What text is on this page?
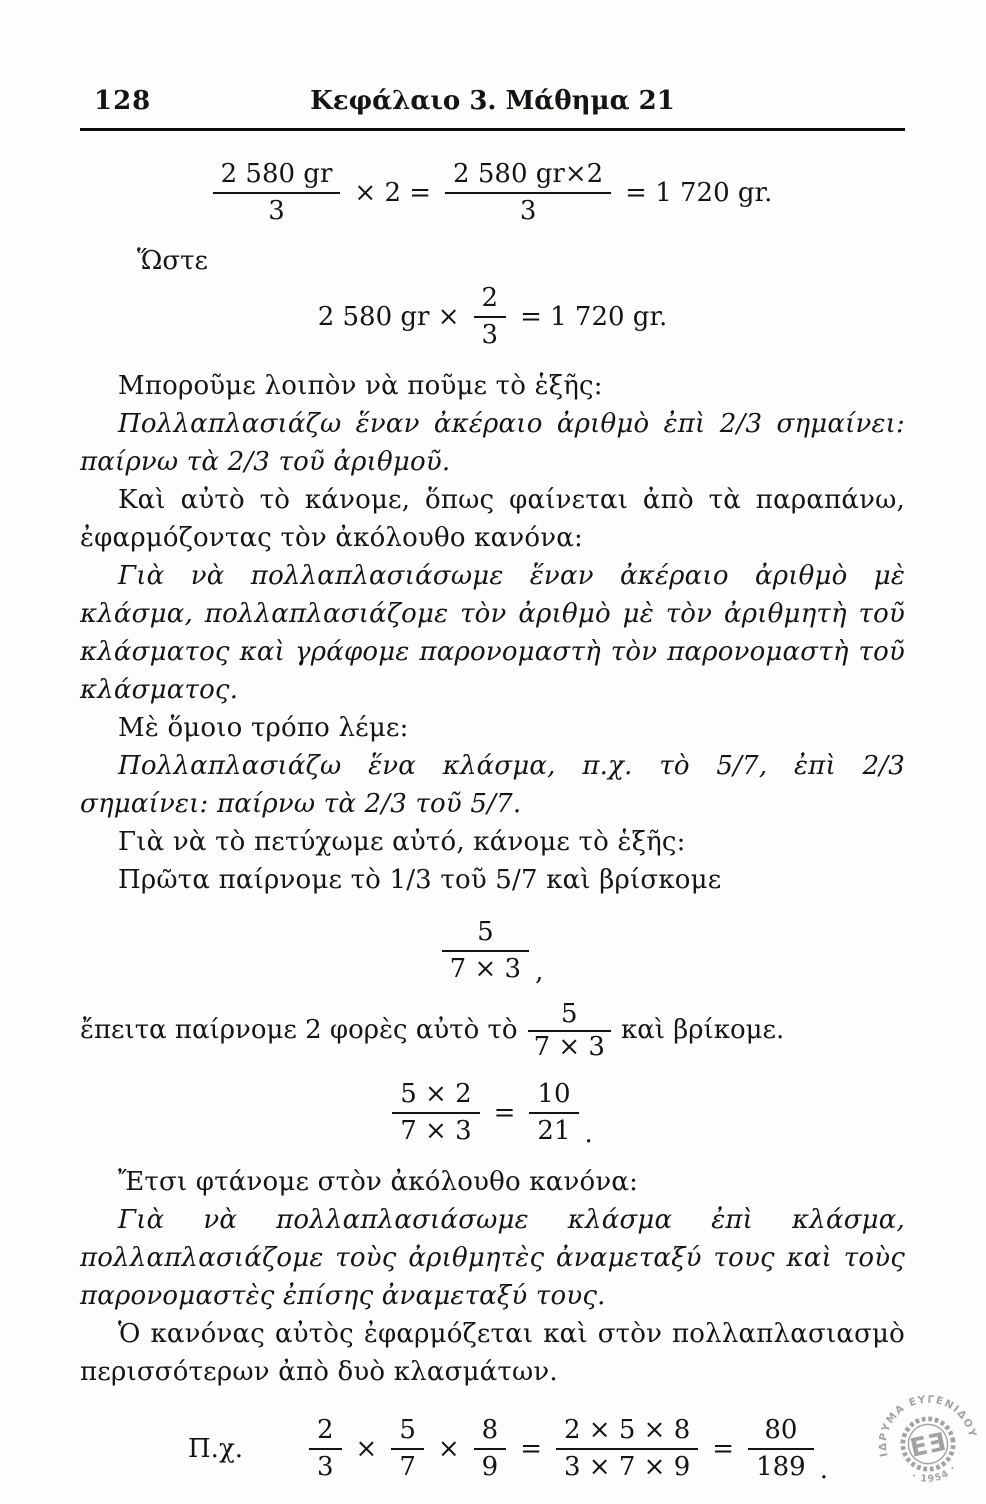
128	Κεφάλαιο 3. Μάθημα 21
$\frac{2 580 gr}{3} \times 2 = \frac{2 580 gr\times 2}{3} = 1$ 720 gr.

Ὥστε

2 580 gr × $\frac{2}{3} = 1$ 720 gr.

Μποροῦμε λοιπὸν νὰ ποῦμε τὸ ἑξῆς:

Πολλαπλασιάζω ἕναν ἀκέραιο ἀριθμὸ ἐπὶ 2/3 σημαίνει: παίρνω τὰ 2/3 τοῦ ἀριθμοῦ.

Καὶ αὐτὸ τὸ κάνομε, ὅπως φαίνεται ἀπὸ τὰ παραπάνω, ἐφαρμόζοντας τὸν ἀκόλουθο κανόνα:

Γιὰ νὰ πολλαπλασιάσωμε ἕναν ἀκέραιο ἀριθμὸ μὲ κλάσμα, πολλαπλασιάζομε τὸν ἀριθμὸ μὲ τὸν ἀριθμητὴ τοῦ κλάσματος καὶ γράφομε παρονομαστὴ τὸν παρονομαστὴ τοῦ κλάσματος.

Μὲ ὅμοιο τρόπο λέμε:

Πολλαπλασιάζω ἕνα κλάσμα, π.χ. τὸ 5/7, ἐπὶ 2/3 σημαίνει: παίρνω τὰ 2/3 τοῦ 5/7.

Γιὰ νὰ τὸ πετύχωμε αὐτό, κάνομε τὸ ἑξῆς:

Πρῶτα παίρνομε τὸ 1/3 τοῦ 5/7 καὶ βρίσκομε

$\frac{5}{7 \times 3}$ ,

ἔπειτα παίρνομε 2 φορὲς αὐτὸ τὸ $\frac{5}{7 \times 3}$ καὶ βρίκομε.

$\frac{5 \times 2}{7 \times 3} = \frac{10}{21}$ .

Ἔτσι φτάνομε στὸν ἀκόλουθο κανόνα:

Γιὰ νὰ πολλαπλασιάσωμε κλάσμα ἐπὶ κλάσμα, πολλαπλασιάζομε τοὺς ἀριθμητὲς ἀναμεταξύ τους καὶ τοὺς παρονομαστὲς ἐπίσης ἀναμεταξύ τους.

Ὁ κανόνας αὐτὸς ἐφαρμόζεται καὶ στὸν πολλαπλασιασμὸ περισσότερων ἀπὸ δυὸ κλασμάτων.

Π.χ.	$\frac{2}{3} \times \frac{5}{7} \times \frac{8}{9} = \frac{2 \times 5 \times 8}{3 \times 7 \times 9} = \frac{80}{189}$ .
ΙΔΡΥΜΑ ΕΥΓΕΝΙΔΟΥ
· 1954 ·
EƎ
